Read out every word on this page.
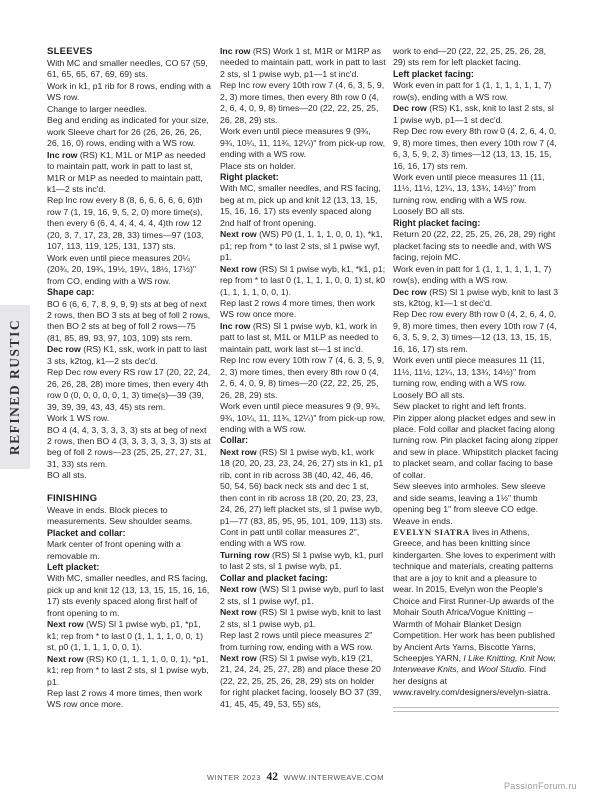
REFINED RUSTIC
SLEEVES

With MC and smaller needles, CO 57 (59, 61, 65, 65, 67, 69, 69) sts.

Work in k1, p1 rib for 8 rows, ending with a WS row.

Change to larger needles.

Beg and ending as indicated for your size, work Sleeve chart for 26 (26, 26, 26, 26, 26, 16, 0) rows, ending with a WS row.

Inc row (RS) K1, M1L or M1P as needed to maintain patt, work in patt to last st, M1R or M1P as needed to maintain patt, k1—2 sts inc'd.

Rep Inc row every 8 (8, 6, 6, 6, 6, 6, 6)th row 7 (1, 19, 16, 9, 5, 2, 0) more time(s), then every 6 (6, 4, 4, 4, 4, 4, 4)th row 12 (20, 3, 7, 17, 23, 28, 33) times—97 (103, 107, 113, 119, 125, 131, 137) sts.

Work even until piece measures 20¼ (20¾, 20, 19¾, 19½, 19¼, 18½, 17½)" from CO, ending with a WS row.

Shape cap:

BO 6 (6, 6, 7, 8, 9, 9, 9) sts at beg of next 2 rows, then BO 3 sts at beg of foll 2 rows, then BO 2 sts at beg of foll 2 rows—75 (81, 85, 89, 93, 97, 103, 109) sts rem.

Dec row (RS) K1, ssk, work in patt to last 3 sts, k2tog, k1—2 sts dec'd.

Rep Dec row every RS row 17 (20, 22, 24, 26, 26, 28, 28) more times, then every 4th row 0 (0, 0, 0, 0, 0, 1, 3) time(s)—39 (39, 39, 39, 39, 43, 43, 45) sts rem.

Work 1 WS row.

BO 4 (4, 4, 3, 3, 3, 3, 3) sts at beg of next 2 rows, then BO 4 (3, 3, 3, 3, 3, 3, 3) sts at beg of foll 2 rows—23 (25, 25, 27, 27, 31, 31, 33) sts rem.

BO all sts.

FINISHING

Weave in ends. Block pieces to measurements. Sew shoulder seams.

Placket and collar:

Mark center of front opening with a removable m.

Left placket:

With MC, smaller needles, and RS facing, pick up and knit 12 (13, 13, 15, 15, 16, 16, 17) sts evenly spaced along first half of front opening to m.

Next row (WS) Sl 1 pwise wyb, p1, *p1, k1; rep from * to last 0 (1, 1, 1, 1, 0, 0, 1) st, p0 (1, 1, 1, 1, 0, 0, 1).

Next row (RS) K0 (1, 1, 1, 1, 0, 0, 1), *p1, k1; rep from * to last 2 sts, sl 1 pwise wyb, p1.

Rep last 2 rows 4 more times, then work WS row once more.

Inc row (RS) Work 1 st, M1R or M1RP as needed to maintain patt, work in patt to last 2 sts, sl 1 pwise wyb, p1—1 st inc'd.

Rep Inc row every 10th row 7 (4, 6, 3, 5, 9, 2, 3) more times, then every 8th row 0 (4, 2, 6, 4, 0, 9, 8) times—20 (22, 22, 25, 25, 26, 28, 29) sts.

Work even until piece measures 9 (9¾, 9¾, 10¼, 11, 11¾, 12¼)" from pick-up row, ending with a WS row.

Place sts on holder.

Right placket:

With MC, smaller needles, and RS facing, beg at m, pick up and knit 12 (13, 13, 15, 15, 16, 16, 17) sts evenly spaced along 2nd half of front opening.

Next row (WS) P0 (1, 1, 1, 1, 0, 0, 1), *k1, p1; rep from * to last 2 sts, sl 1 pwise wyf, p1.

Next row (RS) Sl 1 pwise wyb, k1, *k1, p1; rep from * to last 0 (1, 1, 1, 1, 0, 0, 1) st, k0 (1, 1, 1, 1, 0, 0, 1).

Rep last 2 rows 4 more times, then work WS row once more.

Inc row (RS) Sl 1 pwise wyb, k1, work in patt to last st, M1L or M1LP as needed to maintain patt, work last st—1 st inc'd.

Rep Inc row every 10th row 7 (4, 6, 3, 5, 9, 2, 3) more times, then every 8th row 0 (4, 2, 6, 4, 0, 9, 8) times—20 (22, 22, 25, 25, 26, 28, 29) sts.

Work even until piece measures 9 (9, 9¾, 9¾, 10¼, 11, 11¾, 12¼)" from pick-up row, ending with a WS row.

Collar:

Next row (RS) Sl 1 pwise wyb, k1, work 18 (20, 20, 23, 23, 24, 26, 27) sts in k1, p1 rib, cont in rib across 38 (40, 42, 46, 46, 50, 54, 56) back neck sts and dec 1 st, then cont in rib across 18 (20, 20, 23, 23, 24, 26, 27) left placket sts, sl 1 pwise wyb, p1—77 (83, 85, 95, 95, 101, 109, 113) sts.

Cont in patt until collar measures 2", ending with a WS row.

Turning row (RS) Sl 1 pwise wyb, k1, purl to last 2 sts, sl 1 pwise wyb, p1.

Collar and placket facing:

Next row (WS) Sl 1 pwise wyb, purl to last 2 sts, sl 1 pwise wyf, p1.

Next row (RS) Sl 1 pwise wyb, knit to last 2 sts, sl 1 pwise wyb, p1.

Rep last 2 rows until piece measures 2" from turning row, ending with a WS row.

Next row (RS) Sl 1 pwise wyb, k19 (21, 21, 24, 24, 25, 27, 28) and place these 20 (22, 22, 25, 25, 26, 28, 29) sts on holder for right placket facing, loosely BO 37 (39, 41, 45, 45, 49, 53, 55) sts,

work to end—20 (22, 22, 25, 25, 26, 28, 29) sts rem for left placket facing.

Left placket facing:

Work even in patt for 1 (1, 1, 1, 1, 1, 1, 7) row(s), ending with a WS row.

Dec row (RS) K1, ssk, knit to last 2 sts, sl 1 pwise wyb, p1—1 st dec'd.

Rep Dec row every 8th row 0 (4, 2, 6, 4, 0, 9, 8) more times, then every 10th row 7 (4, 6, 3, 5, 9, 2, 3) times—12 (13, 13, 15, 15, 16, 16, 17) sts rem.

Work even until piece measures 11 (11, 11½, 11½, 12¼, 13, 13¾, 14½)" from turning row, ending with a WS row.

Loosely BO all sts.

Right placket facing:

Return 20 (22, 22, 25, 25, 26, 28, 29) right placket facing sts to needle and, with WS facing, rejoin MC.

Work even in patt for 1 (1, 1, 1, 1, 1, 1, 7) row(s), ending with a WS row.

Dec row (RS) Sl 1 pwise wyb, knit to last 3 sts, k2tog, k1—1 st dec'd.

Rep Dec row every 8th row 0 (4, 2, 6, 4, 0, 9, 8) more times, then every 10th row 7 (4, 6, 3, 5, 9, 2, 3) times—12 (13, 13, 15, 15, 16, 16, 17) sts rem.

Work even until piece measures 11 (11, 11½, 11½, 12¼, 13, 13¾, 14½)" from turning row, ending with a WS row.

Loosely BO all sts.

Sew placket to right and left fronts.

Pin zipper along placket edges and sew in place. Fold collar and placket facing along turning row. Pin placket facing along zipper and sew in place. Whipstitch placket facing to placket seam, and collar facing to base of collar.

Sew sleeves into armholes. Sew sleeve and side seams, leaving a 1½" thumb opening beg 1" from sleeve CO edge.

Weave in ends.

EVELYN SIATRA lives in Athens, Greece, and has been knitting since kindergarten. She loves to experiment with technique and materials, creating patterns that are a joy to knit and a pleasure to wear. In 2015, Evelyn won the People's Choice and First Runner-Up awards of the Mohair South Africa/Vogue Knitting – Warmth of Mohair Blanket Design Competition. Her work has been published by Ancient Arts Yarns, Biscotte Yarns, Scheepjes YARN, I Like Knitting, Knit Now, Interweave Knits, and Wool Studio. Find her designs at www.ravelry.com/designers/evelyn-siatra.

WINTER 2023 42 WWW.INTERWEAVE.COM
PassionForum.ru
